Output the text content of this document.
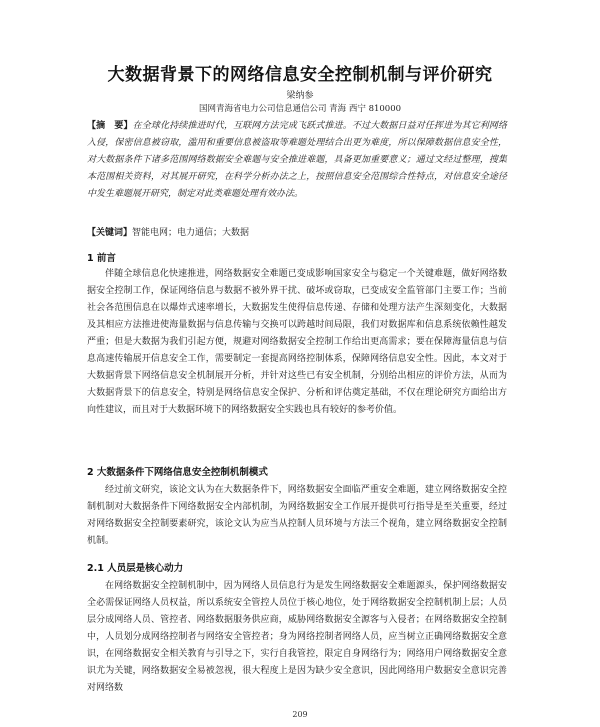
大数据背景下的网络信息安全控制机制与评价研究
梁纳参
国网青海省电力公司信息通信公司 青海 西宁 810000
【摘　要】在全球化持续推进时代，互联网方法完成飞跃式推进。不过大数据日益对任挥进为其它利网络入侵，保密信息被窃取，滥用和重要信息被盗取等难题处理结合出更为难度，所以保障数据信息安全性，对大数据条件下诸多范围网络数据安全难题与安全推进难题，具备更加重要意义；通过文经过整理，搜集本范围相关资料，对其展开研究，在科学分析办法之上，按照信息安全范围综合性特点，对信息安全途径中发生难题展开研究，制定对此类难题处理有效办法。
【关键词】智能电网；电力通信；大数据
1 前言
伴随全球信息化快速推进，网络数据安全难题已变成影响国家安全与稳定一个关键难题，做好网络数据安全控制工作，保证网络信息与数据不被外界干扰、破坏或窃取，已变成安全监管部门主要工作；当前社会各范围信息在以爆炸式速率增长，大数据发生使得信息传递、存储和处理方法产生深刻变化，大数据及其相应方法推进使海量数据与信息传输与交换可以跨越时间局限，我们对数据库和信息系统依赖性越发严重；但是大数据为我们引起方便，规避对网络数据安全控制工作给出更高需求；要在保障海量信息与信息高速传输展开信息安全工作，需要制定一套提高网络控制体系，保障网络信息安全性。因此，本文对于大数据背景下网络信息安全机制展开分析，并针对这些已有安全机制，分别给出相应的评价方法，从而为大数据背景下的信息安全，特别是网络信息安全保护、分析和评估奠定基础，不仅在理论研究方面给出方向性建议，而且对于大数据环境下的网络数据安全实践也具有较好的参考价值。
2 大数据条件下网络信息安全控制机制模式
经过前文研究，该论文认为在大数据条件下，网络数据安全面临严重安全难题，建立网络数据安全控制机制对大数据条件下网络数据安全内部机制，为网络数据安全工作展开提供可行指导是至关重要，经过对网络数据安全控制要素研究，该论文认为应当从控制人员环境与方法三个视角，建立网络数据安全控制机制。
2.1 人员层是核心动力
在网络数据安全控制机制中，因为网络人员信息行为是发生网络数据安全难题源头，保护网络数据安全必需保证网络人员权益，所以系统安全管控人员位于核心地位，处于网络数据安全控制机制上层；人员层分成网络人员、管控者、网络数据服务供应商，威胁网络数据安全源客与入侵者；在网络数据安全控制中，人员划分成网络控制者与网络安全管控者；身为网络控制者网络人员，应当树立正确网络数据安全意识，在网络数据安全相关教育与引导之下，实行自我管控，限定自身网络行为；网络用户网络数据安全意识尤为关键，网络数据安全易被忽视，很大程度上是因为缺少安全意识，因此网络用户数据安全意识完善对网络数
209
